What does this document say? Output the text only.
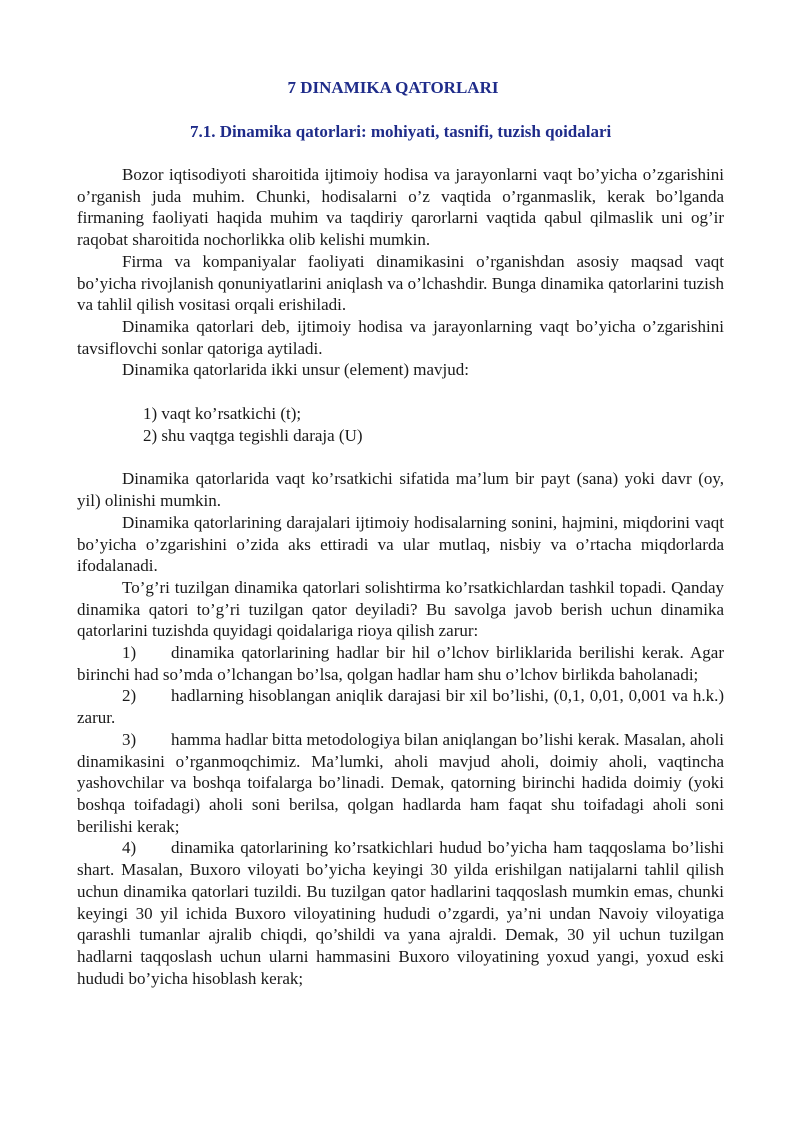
7 DINAMIKA QATORLARI
7.1. Dinamika qatorlari: mohiyati, tasnifi, tuzish qoidalari

Bozor iqtisodiyoti sharoitida ijtimoiy hodisa va jarayonlarni vaqt bo’yicha o’zgarishini o’rganish juda muhim. Chunki, hodisalarni o’z vaqtida o’rganmaslik, kerak bo’lganda firmaning faoliyati haqida muhim va taqdiriy qarorlarni vaqtida qabul qilmaslik uni og’ir raqobat sharoitida nochorlikka olib kelishi mumkin.

Firma va kompaniyalar faoliyati dinamikasini o’rganishdan asosiy maqsad vaqt bo’yicha rivojlanish qonuniyatlarini aniqlash va o’lchashdir. Bunga dinamika qatorlarini tuzish va tahlil qilish vositasi orqali erishiladi.

Dinamika qatorlari deb, ijtimoiy hodisa va jarayonlarning vaqt bo’yicha o’zgarishini tavsiflovchi sonlar qatoriga aytiladi.

Dinamika qatorlarida ikki unsur (element) mavjud:

1) vaqt ko’rsatkichi (t);

2) shu vaqtga tegishli daraja (U)

Dinamika qatorlarida vaqt ko’rsatkichi sifatida ma’lum bir payt (sana) yoki davr (oy, yil) olinishi mumkin.

Dinamika qatorlarining darajalari ijtimoiy hodisalarning sonini, hajmini, miqdorini vaqt bo’yicha o’zgarishini o’zida aks ettiradi va ular mutlaq, nisbiy va o’rtacha miqdorlarda ifodalanadi.

To’g’ri tuzilgan dinamika qatorlari solishtirma ko’rsatkichlardan tashkil topadi. Qanday dinamika qatori to’g’ri tuzilgan qator deyiladi? Bu savolga javob berish uchun dinamika qatorlarini tuzishda quyidagi qoidalariga rioya qilish zarur:

1) dinamika qatorlarining hadlar bir hil o’lchov birliklarida berilishi kerak. Agar birinchi had so’mda o’lchangan bo’lsa, qolgan hadlar ham shu o’lchov birlikda baholanadi;

2) hadlarning hisoblangan aniqlik darajasi bir xil bo’lishi, (0,1, 0,01, 0,001 va h.k.) zarur.

3) hamma hadlar bitta metodologiya bilan aniqlangan bo’lishi kerak. Masalan, aholi dinamikasini o’rganmoqchimiz. Ma’lumki, aholi mavjud aholi, doimiy aholi, vaqtincha yashovchilar va boshqa toifalarga bo’linadi. Demak, qatorning birinchi hadida doimiy (yoki boshqa toifadagi) aholi soni berilsa, qolgan hadlarda ham faqat shu toifadagi aholi soni berilishi kerak;

4) dinamika qatorlarining ko’rsatkichlari hudud bo’yicha ham taqqoslama bo’lishi shart. Masalan, Buxoro viloyati bo’yicha keyingi 30 yilda erishilgan natijalarni tahlil qilish uchun dinamika qatorlari tuzildi. Bu tuzilgan qator hadlarini taqqoslash mumkin emas, chunki keyingi 30 yil ichida Buxoro viloyatining hududi o’zgardi, ya’ni undan Navoiy viloyatiga qarashli tumanlar ajralib chiqdi, qo’shildi va yana ajraldi. Demak, 30 yil uchun tuzilgan hadlarni taqqoslash uchun ularni hammasini Buxoro viloyatining yoxud yangi, yoxud eski hududi bo’yicha hisoblash kerak;
